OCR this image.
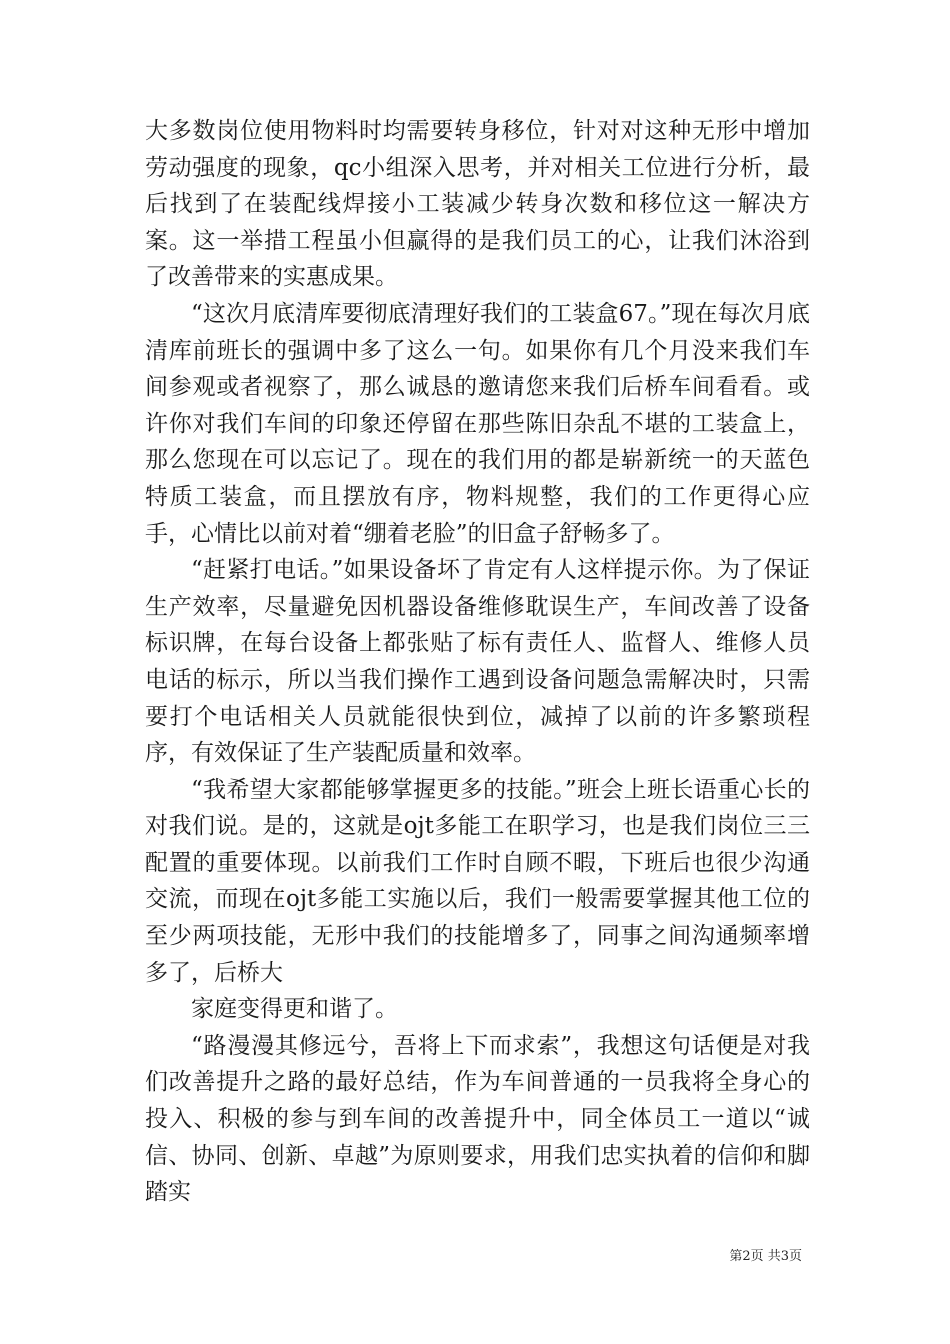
大多数岗位使用物料时均需要转身移位，针对对这种无形中增加劳动强度的现象，qc小组深入思考，并对相关工位进行分析，最后找到了在装配线焊接小工装减少转身次数和移位这一解决方案。这一举措工程虽小但赢得的是我们员工的心，让我们沐浴到了改善带来的实惠成果。

“这次月底清库要彻底清理好我们的工装盒67。”现在每次月底清库前班长的强调中多了这么一句。如果你有几个月没来我们车间参观或者视察了，那么诚恳的邀请您来我们后桥车间看看。或许你对我们车间的印象还停留在那些陈旧杂乱不堪的工装盒上，那么您现在可以忘记了。现在的我们用的都是崭新统一的天蓝色特质工装盒，而且摆放有序，物料规整，我们的工作更得心应手，心情比以前对着“绷着老脸”的旧盒子舒畅多了。

“赶紧打电话。”如果设备坏了肯定有人这样提示你。为了保证生产效率，尽量避免因机器设备维修耽误生产，车间改善了设备标识牌，在每台设备上都张贴了标有责任人、监督人、维修人员电话的标示，所以当我们操作工遇到设备问题急需解决时，只需要打个电话相关人员就能很快到位，减掉了以前的许多繁琐程序，有效保证了生产装配质量和效率。

“我希望大家都能够掌握更多的技能。”班会上班长语重心长的对我们说。是的，这就是ojt多能工在职学习，也是我们岗位三三配置的重要体现。以前我们工作时自顾不暇，下班后也很少沟通交流，而现在ojt多能工实施以后，我们一般需要掌握其他工位的至少两项技能，无形中我们的技能增多了，同事之间沟通频率增多了，后桥大

家庭变得更和谐了。

“路漫漫其修远兮，吾将上下而求索”，我想这句话便是对我们改善提升之路的最好总结，作为车间普通的一员我将全身心的投入、积极的参与到车间的改善提升中，同全体员工一道以“诚信、协同、创新、卓越”为原则要求，用我们忠实执着的信仰和脚踏实

第2页 共3页
